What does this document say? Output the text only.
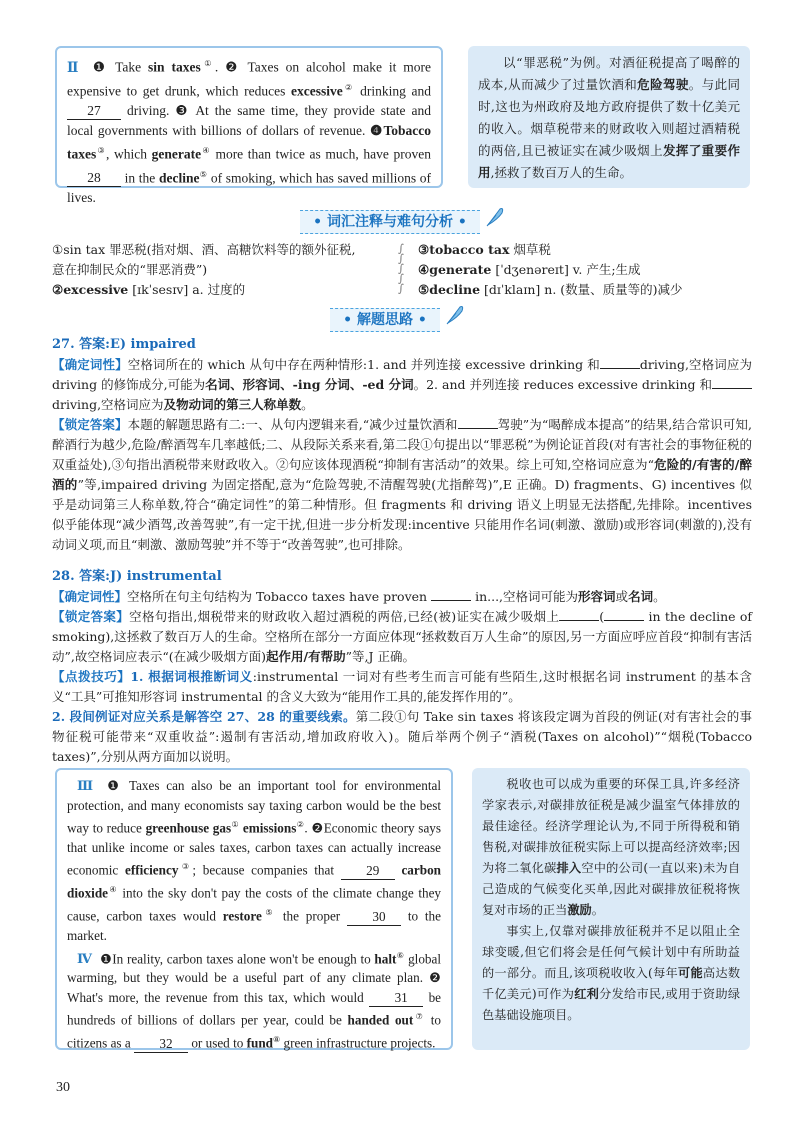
Ⅱ ❶ Take sin taxes①. ❷ Taxes on alcohol make it more expensive to get drunk, which reduces excessive② drinking and 27 driving. ❸ At the same time, they provide state and local governments with billions of dollars of revenue. ❹Tobacco taxes③, which generate④ more than twice as much, have proven 28 in the decline⑤ of smoking, which has saved millions of lives.

以“罪恶税”为例。对酒征税提高了喝醉的成本,从而减少了过量饮酒和危险驾驶。与此同时,这也为州政府及地方政府提供了数十亿美元的收入。烟草税带来的财政收入则超过酒精税的两倍,且已被证实在减少吸烟上发挥了重要作用,拯救了数百万人的生命。

• 词汇注释与难句分析 •
①sin tax 罪恶税(指对烟、酒、高糖饮料等的额外征税,
意在抑制民众的“罪恶消费”)
②excessive [ɪkˈsesɪv] a. 过度的
∫
∫
∫
∫
∫
③tobacco tax 烟草税
④generate [ˈdʒenəreɪt] v. 产生;生成
⑤decline [dɪˈklaɪn] n. (数量、质量等的)减少
• 解题思路 •

27. 答案:E) impaired

【确定词性】空格词所在的 which 从句中存在两种情形:1. and 并列连接 excessive drinking 和	driving,空格词应为 driving 的修饰成分,可能为名词、形容词、-ing 分词、-ed 分词。2. and 并列连接 reduces excessive drinking 和driving,空格词应为及物动词的第三人称单数。

【锁定答案】本题的解题思路有二:一、从句内逻辑来看,“减少过量饮酒和	驾驶”为“喝醉成本提高”的结果,结合常识可知,醉酒行为越少,危险/醉酒驾车几率越低;二、从段际关系来看,第二段①句提出以“罪恶税”为例论证首段(对有害社会的事物征税的双重益处),③句指出酒税带来财政收入。②句应该体现酒税“抑制有害活动”的效果。综上可知,空格词应意为“危险的/有害的/醉酒的”等,impaired driving 为固定搭配,意为“危险驾驶,不清醒驾驶(尤指醉驾)”,E 正确。D) fragments、G) incentives 似乎是动词第三人称单数,符合“确定词性”的第二种情形。但 fragments 和 driving 语义上明显无法搭配,先排除。incentives 似乎能体现“减少酒驾,改善驾驶”,有一定干扰,但进一步分析发现:incentive 只能用作名词(刺激、激励)或形容词(刺激的),没有动词义项,而且“刺激、激励驾驶”并不等于“改善驾驶”,也可排除。

28. 答案:J) instrumental

【确定词性】空格所在句主句结构为 Tobacco taxes have proven	in...,空格词可能为形容词或名词。

【锁定答案】空格句指出,烟税带来的财政收入超过酒税的两倍,已经(被)证实在减少吸烟上	(	in the decline of smoking),这拯救了数百万人的生命。空格所在部分一方面应体现“拯救数百万人生命”的原因,另一方面应呼应首段“抑制有害活动”,故空格词应表示“(在减少吸烟方面)起作用/有帮助”等,J 正确。

【点拨技巧】1. 根据词根推断词义:instrumental 一词对有些考生而言可能有些陌生,这时根据名词 instrument 的基本含义“工具”可推知形容词 instrumental 的含义大致为“能用作工具的,能发挥作用的”。
2. 段间例证对应关系是解答空 27、28 的重要线索。第二段①句 Take sin taxes 将该段定调为首段的例证(对有害社会的事物征税可能带来“双重收益”:遏制有害活动,增加政府收入)。随后举两个例子“酒税(Taxes on alcohol)”“烟税(Tobacco taxes)”,分别从两方面加以说明。

Ⅲ ❶ Taxes can also be an important tool for environmental protection, and many economists say taxing carbon would be the best way to reduce greenhouse gas① emissions②. ❷Economic theory says that unlike income or sales taxes, carbon taxes can actually increase economic efficiency③; because companies that 29 carbon dioxide④ into the sky don't pay the costs of the climate change they cause, carbon taxes would restore⑤ the proper 30 to the market.
Ⅳ ❶In reality, carbon taxes alone won't be enough to halt⑥ global warming, but they would be a useful part of any climate plan. ❷ What's more, the revenue from this tax, which would 31 be hundreds of billions of dollars per year, could be handed out⑦ to citizens as a 32 or used to fund⑧ green infrastructure projects.

税收也可以成为重要的环保工具,许多经济学家表示,对碳排放征税是减少温室气体排放的最佳途径。经济学理论认为,不同于所得税和销售税,对碳排放征税实际上可以提高经济效率;因为将二氧化碳排入空中的公司(一直以来)未为自己造成的气候变化买单,因此对碳排放征税将恢复对市场的正当激励。

事实上,仅靠对碳排放征税并不足以阻止全球变暖,但它们将会是任何气候计划中有所助益的一部分。而且,该项税收收入(每年可能高达数千亿美元)可作为红利分发给市民,或用于资助绿色基础设施项目。

30
